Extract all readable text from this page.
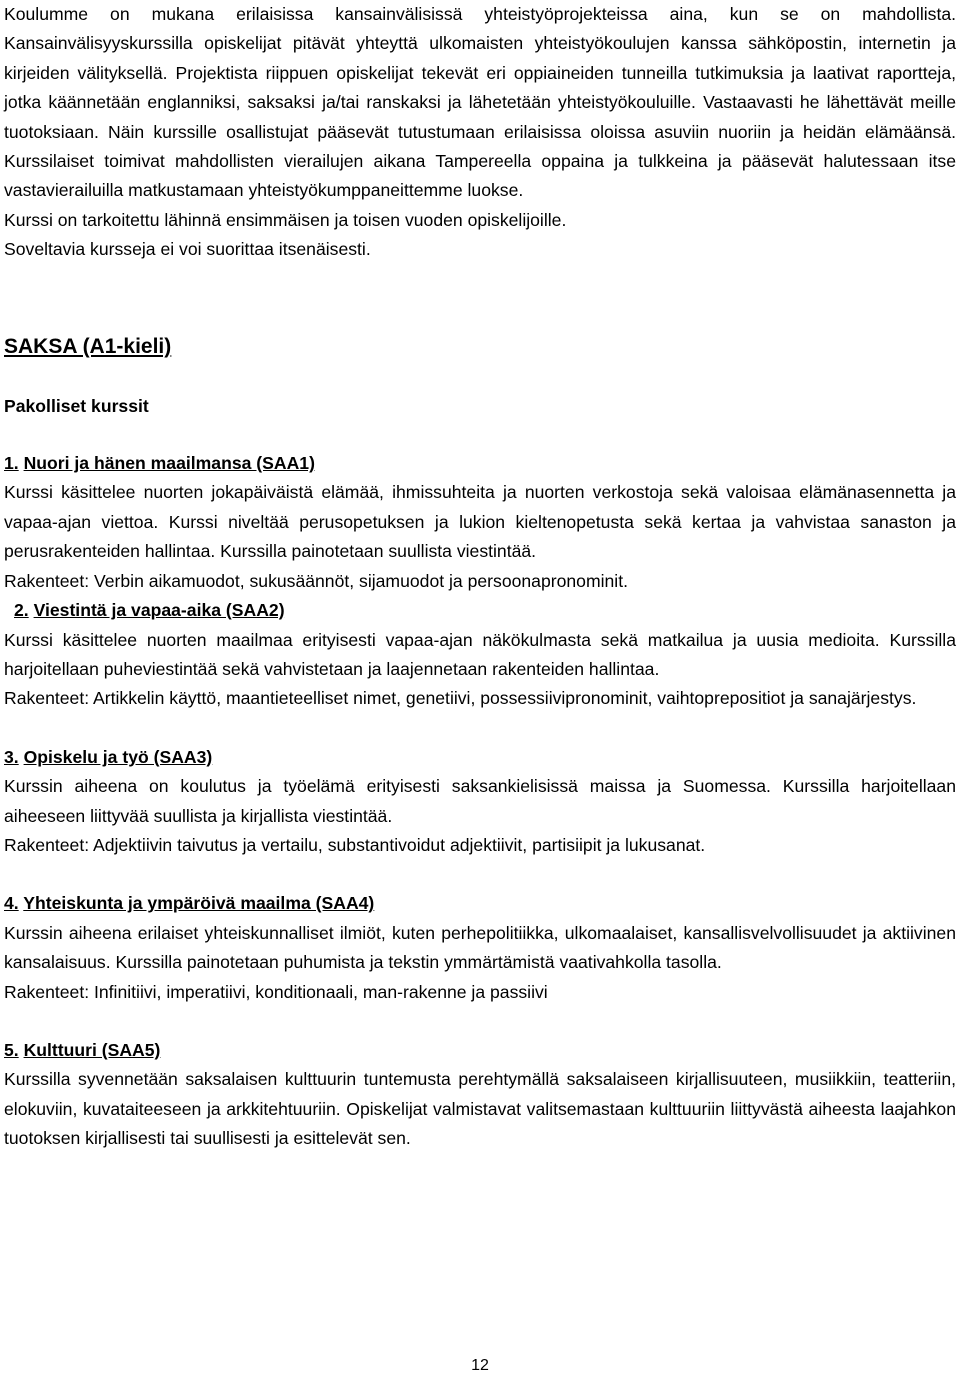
Koulumme on mukana erilaisissa kansainvälisissä yhteistyöprojekteissa aina, kun se on mahdollista. Kansainvälisyyskurssilla opiskelijat pitävät yhteyttä ulkomaisten yhteistyökoulujen kanssa sähköpostin, internetin ja kirjeiden välityksellä. Projektista riippuen opiskelijat tekevät eri oppiaineiden tunneilla tutkimuksia ja laativat raportteja, jotka käännetään englanniksi, saksaksi ja/tai ranskaksi ja lähetetään yhteistyökouluille. Vastaavasti he lähettävät meille tuotoksiaan. Näin kurssille osallistujat pääsevät tutustumaan erilaisissa oloissa asuviin nuoriin ja heidän elämäänsä. Kurssilaiset toimivat mahdollisten vierailujen aikana Tampereella oppaina ja tulkkeina ja pääsevät halutessaan itse vastavierailuilla matkustamaan yhteistyökumppaneittemme luokse.

Kurssi on tarkoitettu lähinnä ensimmäisen ja toisen vuoden opiskelijoille.

Soveltavia kursseja ei voi suorittaa itsenäisesti.

SAKSA (A1-kieli)
Pakolliset kurssit
1. Nuori ja hänen maailmansa (SAA1)

Kurssi käsittelee nuorten jokapäiväistä elämää, ihmissuhteita ja nuorten verkostoja sekä valoisaa elämänasennetta ja vapaa-ajan viettoa. Kurssi niveltää perusopetuksen ja lukion kieltenopetusta sekä kertaa ja vahvistaa sanaston ja perusrakenteiden hallintaa. Kurssilla painotetaan suullista viestintää.

Rakenteet: Verbin aikamuodot, sukusäännöt, sijamuodot ja persoonapronominit.

2. Viestintä ja vapaa-aika (SAA2)

Kurssi käsittelee nuorten maailmaa erityisesti vapaa-ajan näkökulmasta sekä matkailua ja uusia medioita. Kurssilla harjoitellaan puheviestintää sekä vahvistetaan ja laajennetaan rakenteiden hallintaa.

Rakenteet: Artikkelin käyttö, maantieteelliset nimet, genetiivi, possessiivipronominit, vaihtoprepositiot ja sanajärjestys.

3. Opiskelu ja työ (SAA3)

Kurssin aiheena on koulutus ja työelämä erityisesti saksankielisissä maissa ja Suomessa. Kurssilla harjoitellaan aiheeseen liittyvää suullista ja kirjallista viestintää.

Rakenteet: Adjektiivin taivutus ja vertailu, substantivoidut adjektiivit, partisiipit ja lukusanat.

4. Yhteiskunta ja ympäröivä maailma (SAA4)

Kurssin aiheena erilaiset yhteiskunnalliset ilmiöt, kuten perhepolitiikka, ulkomaalaiset, kansallisvelvollisuudet ja aktiivinen kansalaisuus. Kurssilla painotetaan puhumista ja tekstin ymmärtämistä vaativahkolla tasolla.

Rakenteet: Infinitiivi, imperatiivi, konditionaali, man-rakenne ja passiivi

5. Kulttuuri (SAA5)

Kurssilla syvennetään saksalaisen kulttuurin tuntemusta perehtymällä saksalaiseen kirjallisuuteen, musiikkiin, teatteriin, elokuviin, kuvataiteeseen ja arkkitehtuuriin. Opiskelijat valmistavat valitsemastaan kulttuuriin liittyvästä aiheesta laajahkon tuotoksen kirjallisesti tai suullisesti ja esittelevät sen.

12
